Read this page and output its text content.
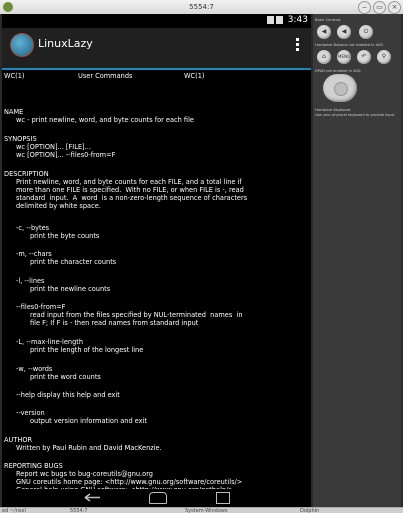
5554:7	‒	▭	×
3:43
LinuxLazy
WC(1)	User Commands	WC(1)
NAME
wc - print newline, word, and byte counts for each file
SYNOPSIS
wc [OPTION]... [FILE]...
wc [OPTION]... --files0-from=F
DESCRIPTION
Print newline, word, and byte counts for each FILE, and a total line if
more than one FILE is specified.  With no FILE, or when FILE is -, read
standard  input.  A  word  is a non-zero-length sequence of characters
delimited by white space.
-c, --bytes
print the byte counts
-m, --chars
print the character counts
-l, --lines
print the newline counts
--files0-from=F
read input from the files specified by NUL-terminated  names  in
file F; If F is - then read names from standard input
-L, --max-line-length
print the length of the longest line
-w, --words
print the word counts
--help display this help and exit
--version
output version information and exit
AUTHOR
Written by Paul Rubin and David MacKenzie.
REPORTING BUGS
Report wc bugs to bug-coreutils@gnu.org
GNU coreutils home page: <http://www.gnu.org/software/coreutils/>
Basic Controls
◀	◀	⏻
Hardware Buttons not enabled in AVD
⌂	MENU	↶	⚲
DPAD not enabled in AVD
Hardware Keyboard
Use your physical keyboard to provide input
ed ~/nsxl	5554:7	System-Windows	Dolphin
